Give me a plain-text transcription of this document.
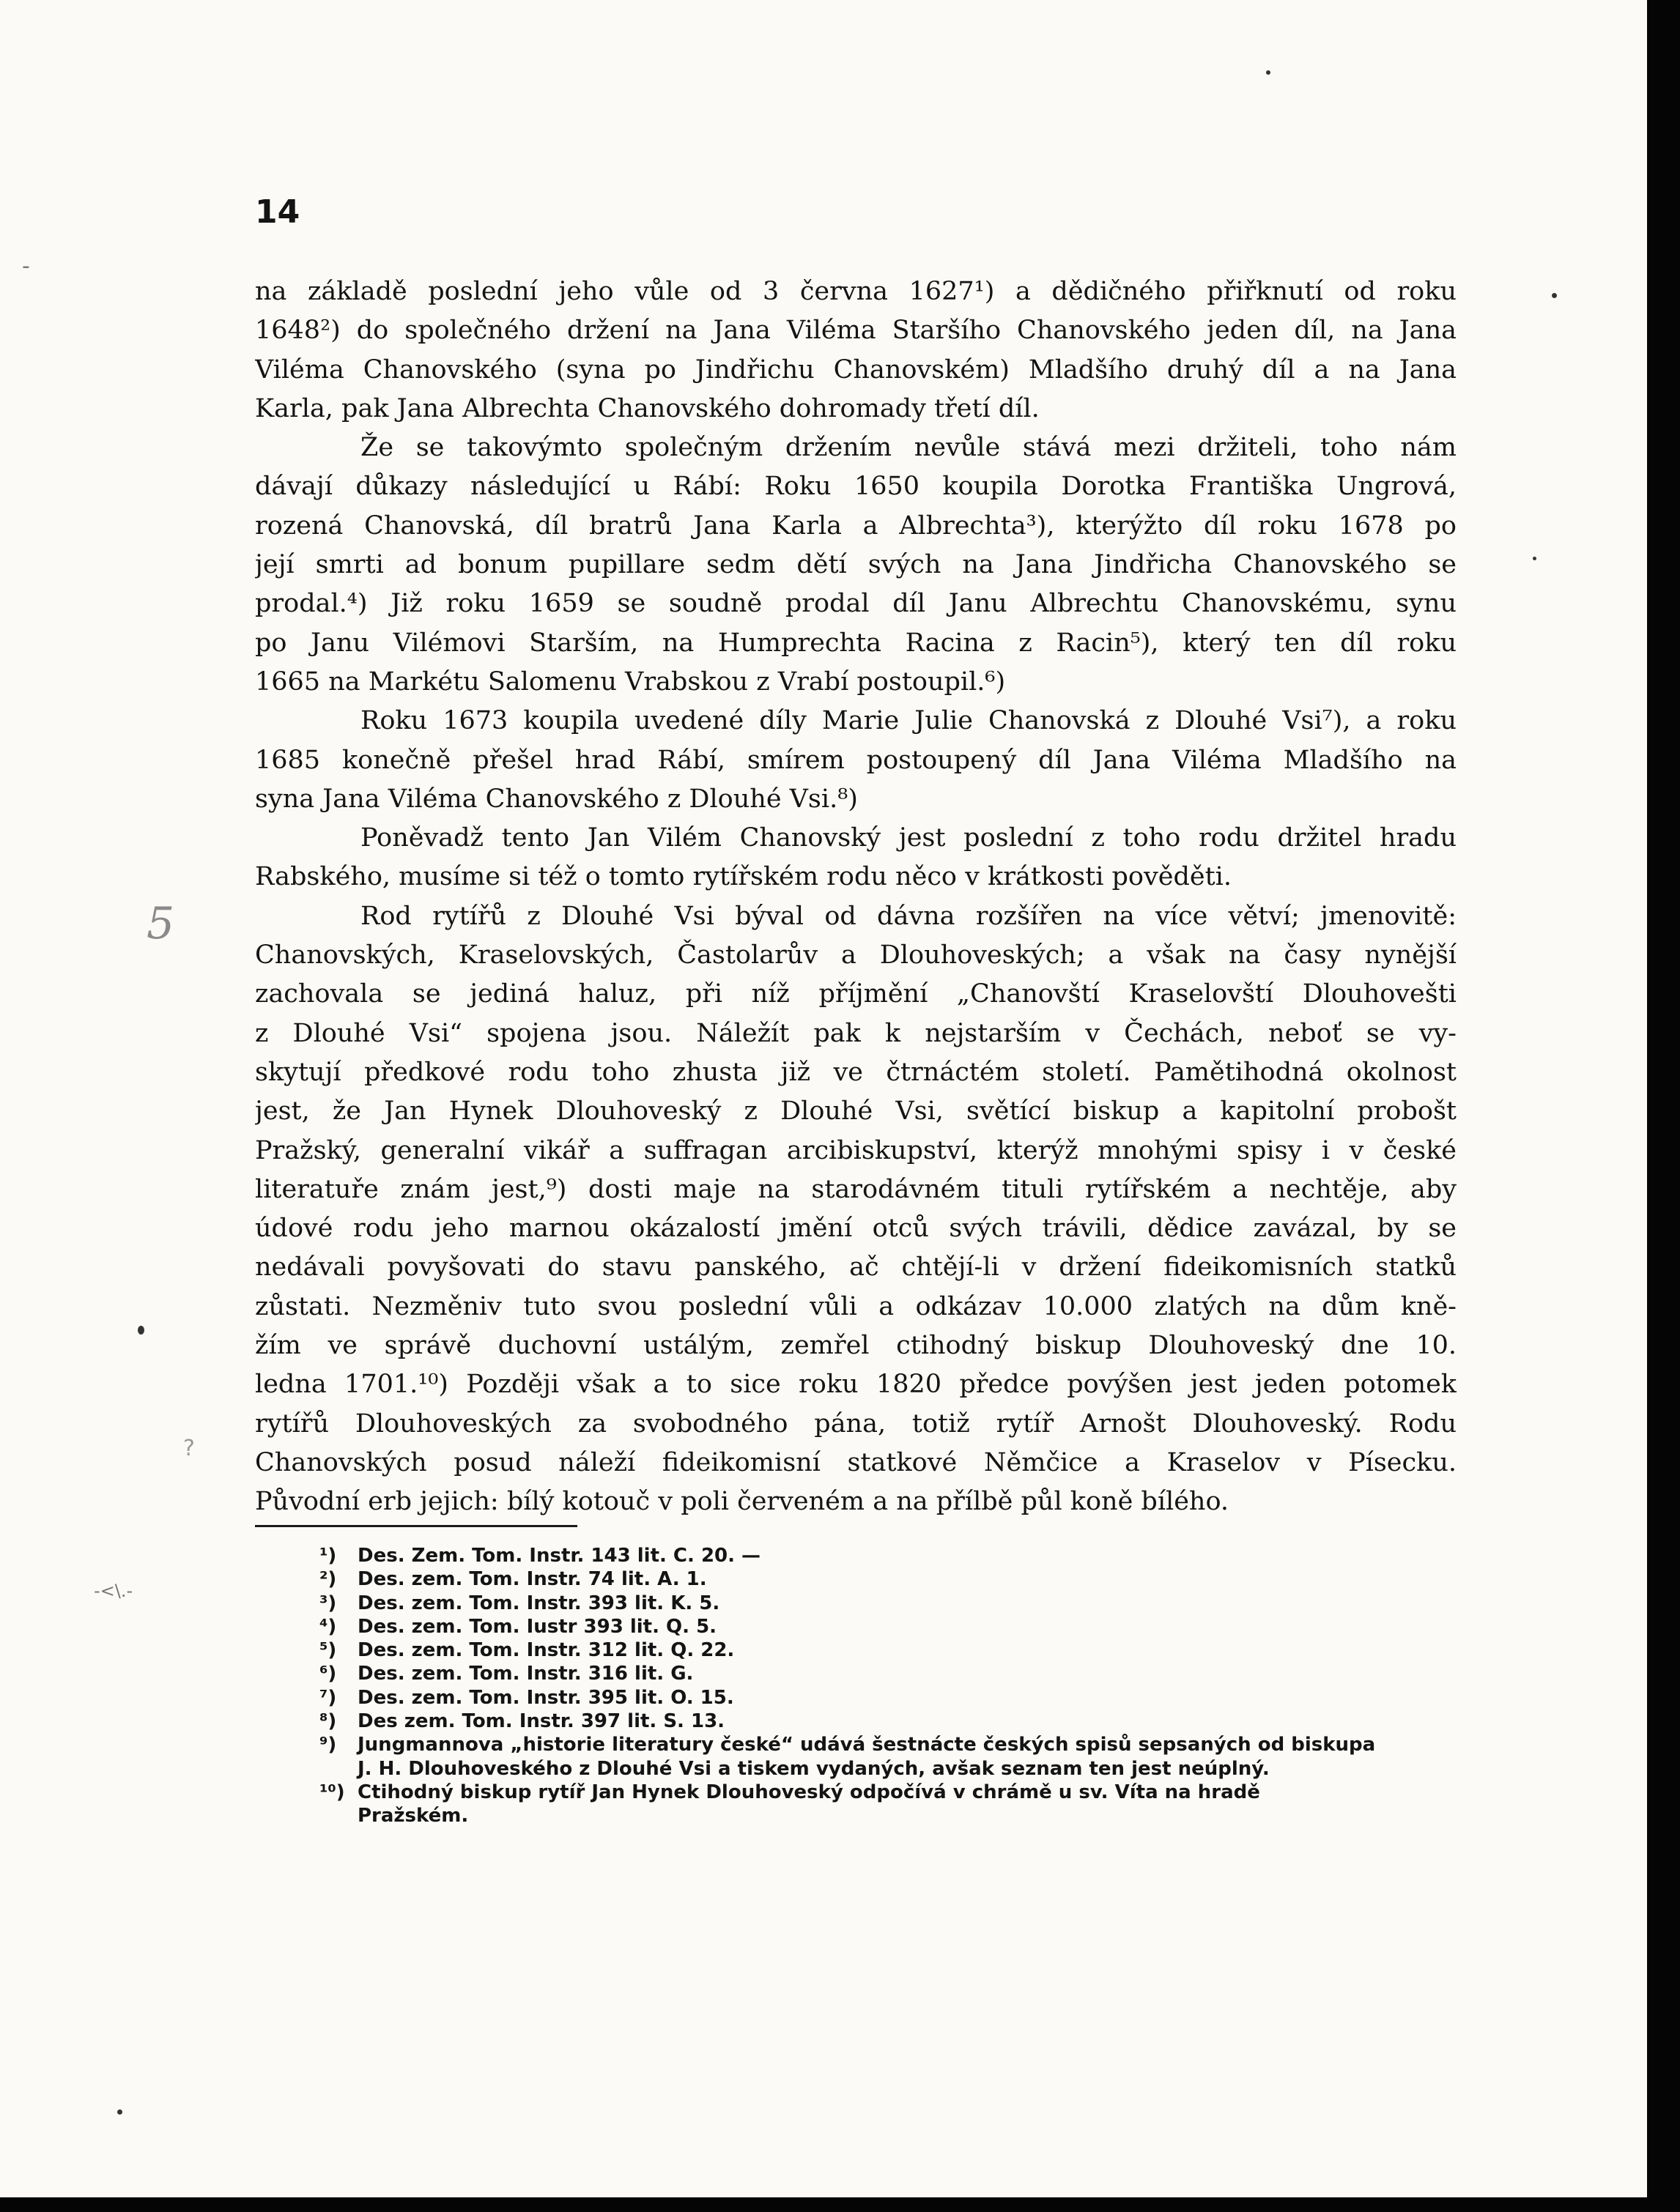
14
-
5
?
-<\.-

na základě poslední jeho vůle od 3 června 1627¹) a dědičného přiřknutí od roku
1648²) do společného držení na Jana Viléma Staršího Chanovského jeden díl, na Jana
Viléma Chanovského (syna po Jindřichu Chanovském) Mladšího druhý díl a na Jana
Karla, pak Jana Albrechta Chanovského dohromady třetí díl.

Že se takovýmto společným držením nevůle stává mezi držiteli, toho nám
dávají důkazy následující u Rábí: Roku 1650 koupila Dorotka Františka Ungrová,
rozená Chanovská, díl bratrů Jana Karla a Albrechta³), kterýžto díl roku 1678 po
její smrti ad bonum pupillare sedm dětí svých na Jana Jindřicha Chanovského se
prodal.⁴) Již roku 1659 se soudně prodal díl Janu Albrechtu Chanovskému, synu
po Janu Vilémovi Starším, na Humprechta Racina z Racin⁵), který ten díl roku
1665 na Markétu Salomenu Vrabskou z Vrabí postoupil.⁶)

Roku 1673 koupila uvedené díly Marie Julie Chanovská z Dlouhé Vsi⁷), a roku
1685 konečně přešel hrad Rábí, smírem postoupený díl Jana Viléma Mladšího na
syna Jana Viléma Chanovského z Dlouhé Vsi.⁸)

Poněvadž tento Jan Vilém Chanovský jest poslední z toho rodu držitel hradu
Rabského, musíme si též o tomto rytířském rodu něco v krátkosti pověděti.

Rod rytířů z Dlouhé Vsi býval od dávna rozšířen na více větví; jmenovitě:
Chanovských, Kraselovských, Častolarův a Dlouhoveských; a však na časy nynější
zachovala se jediná haluz, při níž příjmění „Chanovští Kraselovští Dlouhovešti
z Dlouhé Vsi“ spojena jsou. Náležít pak k nejstarším v Čechách, neboť se vy-
skytují předkové rodu toho zhusta již ve čtrnáctém století. Pamětihodná okolnost
jest, že Jan Hynek Dlouhoveský z Dlouhé Vsi, světící biskup a kapitolní probošt
Pražský, generalní vikář a suffragan arcibiskupství, kterýž mnohými spisy i v české
literatuře znám jest,⁹) dosti maje na starodávném tituli rytířském a nechtěje, aby
údové rodu jeho marnou okázalostí jmění otců svých trávili, dědice zavázal, by se
nedávali povyšovati do stavu panského, ač chtějí-li v držení fideikomisních statků
zůstati. Nezměniv tuto svou poslední vůli a odkázav 10.000 zlatých na dům kně-
žím ve správě duchovní ustálým, zemřel ctihodný biskup Dlouhoveský dne 10.
ledna 1701.¹⁰) Později však a to sice roku 1820 předce povýšen jest jeden potomek
rytířů Dlouhoveských za svobodného pána, totiž rytíř Arnošt Dlouhoveský. Rodu
Chanovských posud náleží fideikomisní statkové Němčice a Kraselov v Písecku.
Původní erb jejich: bílý kotouč v poli červeném a na přílbě půl koně bílého.

¹)	Des. Zem. Tom. Instr. 143 lit. C. 20. —
²)	Des. zem. Tom. Instr. 74 lit. A. 1.
³)	Des. zem. Tom. Instr. 393 lit. K. 5.
⁴)	Des. zem. Tom. Iustr 393 lit. Q. 5.
⁵)	Des. zem. Tom. Instr. 312 lit. Q. 22.
⁶)	Des. zem. Tom. Instr. 316 lit. G.
⁷)	Des. zem. Tom. Instr. 395 lit. O. 15.
⁸)	Des zem. Tom. Instr. 397 lit. S. 13.
⁹)	Jungmannova „historie literatury české“ udává šestnácte českých spisů sepsaných od biskupa
J. H. Dlouhoveského z Dlouhé Vsi a tiskem vydaných, avšak seznam ten jest neúplný.
¹⁰) Ctihodný biskup rytíř Jan Hynek Dlouhoveský odpočívá v chrámě u sv. Víta na hradě
Pražském.
